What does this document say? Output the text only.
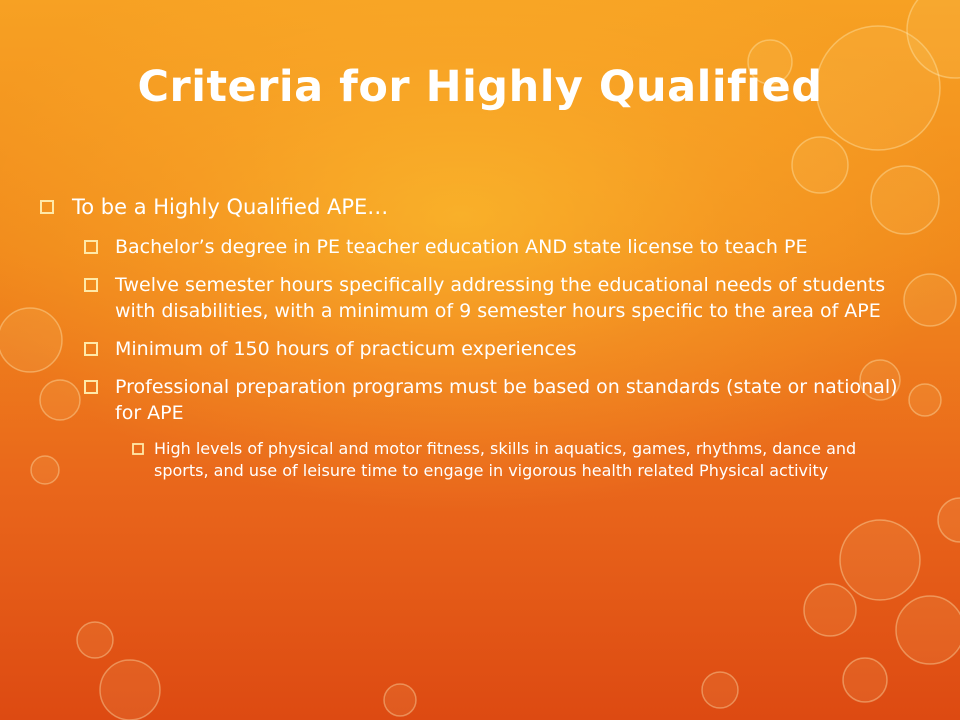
Criteria for Highly Qualified
To be a Highly Qualified APE…
Bachelor’s degree in PE teacher education AND state license to teach PE
Twelve semester hours specifically addressing the educational needs of students with disabilities, with a minimum of 9 semester hours specific to the area of APE
Minimum of 150 hours of practicum experiences
Professional preparation programs must be based on standards (state or national) for APE
High levels of physical and motor fitness, skills in aquatics, games, rhythms, dance and sports, and use of leisure time to engage in vigorous health related Physical activity
